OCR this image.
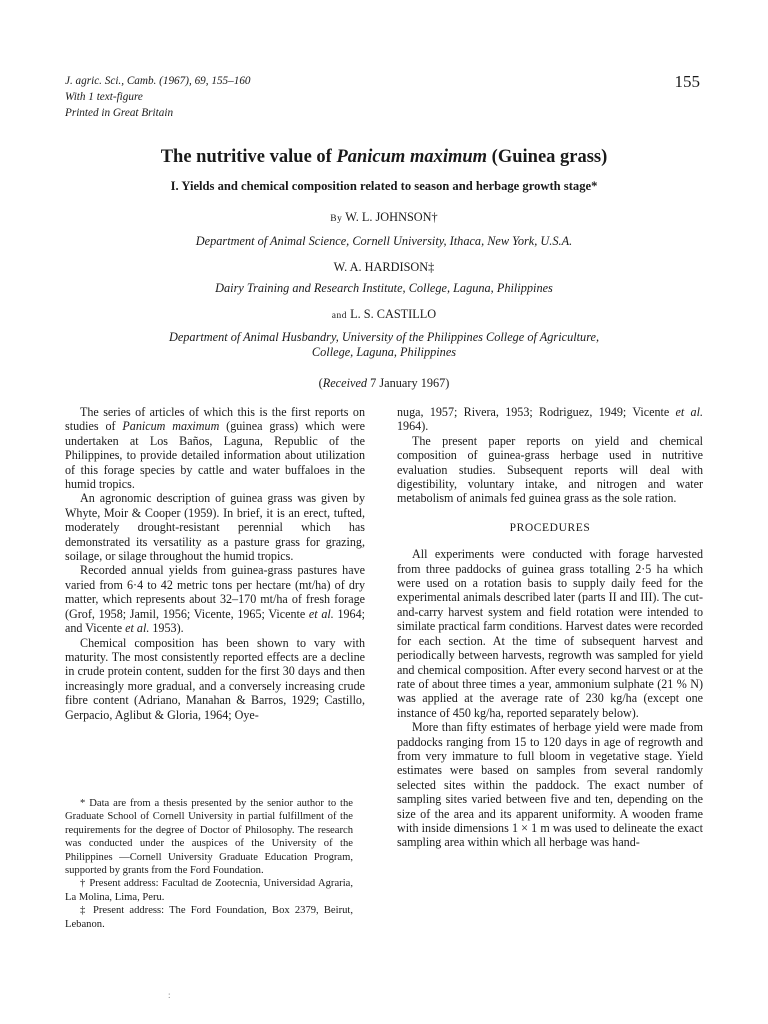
J. agric. Sci., Camb. (1967), 69, 155–160
With 1 text-figure
Printed in Great Britain
155
The nutritive value of Panicum maximum (Guinea grass)
I. Yields and chemical composition related to season and herbage growth stage*
By W. L. JOHNSON†
Department of Animal Science, Cornell University, Ithaca, New York, U.S.A.
W. A. HARDISON‡
Dairy Training and Research Institute, College, Laguna, Philippines
and L. S. CASTILLO
Department of Animal Husbandry, University of the Philippines College of Agriculture,
College, Laguna, Philippines
(Received 7 January 1967)

The series of articles of which this is the first reports on studies of Panicum maximum (guinea grass) which were undertaken at Los Baños, Laguna, Republic of the Philippines, to provide detailed information about utilization of this forage species by cattle and water buffaloes in the humid tropics.

An agronomic description of guinea grass was given by Whyte, Moir & Cooper (1959). In brief, it is an erect, tufted, moderately drought-resistant perennial which has demonstrated its versatility as a pasture grass for grazing, soilage, or silage throughout the humid tropics.

Recorded annual yields from guinea-grass pastures have varied from 6·4 to 42 metric tons per hectare (mt/ha) of dry matter, which represents about 32–170 mt/ha of fresh forage (Grof, 1958; Jamil, 1956; Vicente, 1965; Vicente et al. 1964; and Vicente et al. 1953).

Chemical composition has been shown to vary with maturity. The most consistently reported effects are a decline in crude protein content, sudden for the first 30 days and then increasingly more gradual, and a conversely increasing crude fibre content (Adriano, Manahan & Barros, 1929; Castillo, Gerpacio, Aglibut & Gloria, 1964; Oye-

* Data are from a thesis presented by the senior author to the Graduate School of Cornell University in partial fulfillment of the requirements for the degree of Doctor of Philosophy. The research was conducted under the auspices of the University of the Philippines —Cornell University Graduate Education Program, supported by grants from the Ford Foundation.

† Present address: Facultad de Zootecnia, Universidad Agraria, La Molina, Lima, Peru.

‡ Present address: The Ford Foundation, Box 2379, Beirut, Lebanon.

nuga, 1957; Rivera, 1953; Rodriguez, 1949; Vicente et al. 1964).

The present paper reports on yield and chemical composition of guinea-grass herbage used in nutritive evaluation studies. Subsequent reports will deal with digestibility, voluntary intake, and nitrogen and water metabolism of animals fed guinea grass as the sole ration.

PROCEDURES

All experiments were conducted with forage harvested from three paddocks of guinea grass totalling 2·5 ha which were used on a rotation basis to supply daily feed for the experimental animals described later (parts II and III). The cut-and-carry harvest system and field rotation were intended to similate practical farm conditions. Harvest dates were recorded for each section. At the time of subsequent harvest and periodically between harvests, regrowth was sampled for yield and chemical composition. After every second harvest or at the rate of about three times a year, ammonium sulphate (21 % N) was applied at the average rate of 230 kg/ha (except one instance of 450 kg/ha, reported separately below).

More than fifty estimates of herbage yield were made from paddocks ranging from 15 to 120 days in age of regrowth and from very immature to full bloom in vegetative stage. Yield estimates were based on samples from several randomly selected sites within the paddock. The exact number of sampling sites varied between five and ten, depending on the size of the area and its apparent uniformity. A wooden frame with inside dimensions 1 × 1 m was used to delineate the exact sampling area within which all herbage was hand-

:
